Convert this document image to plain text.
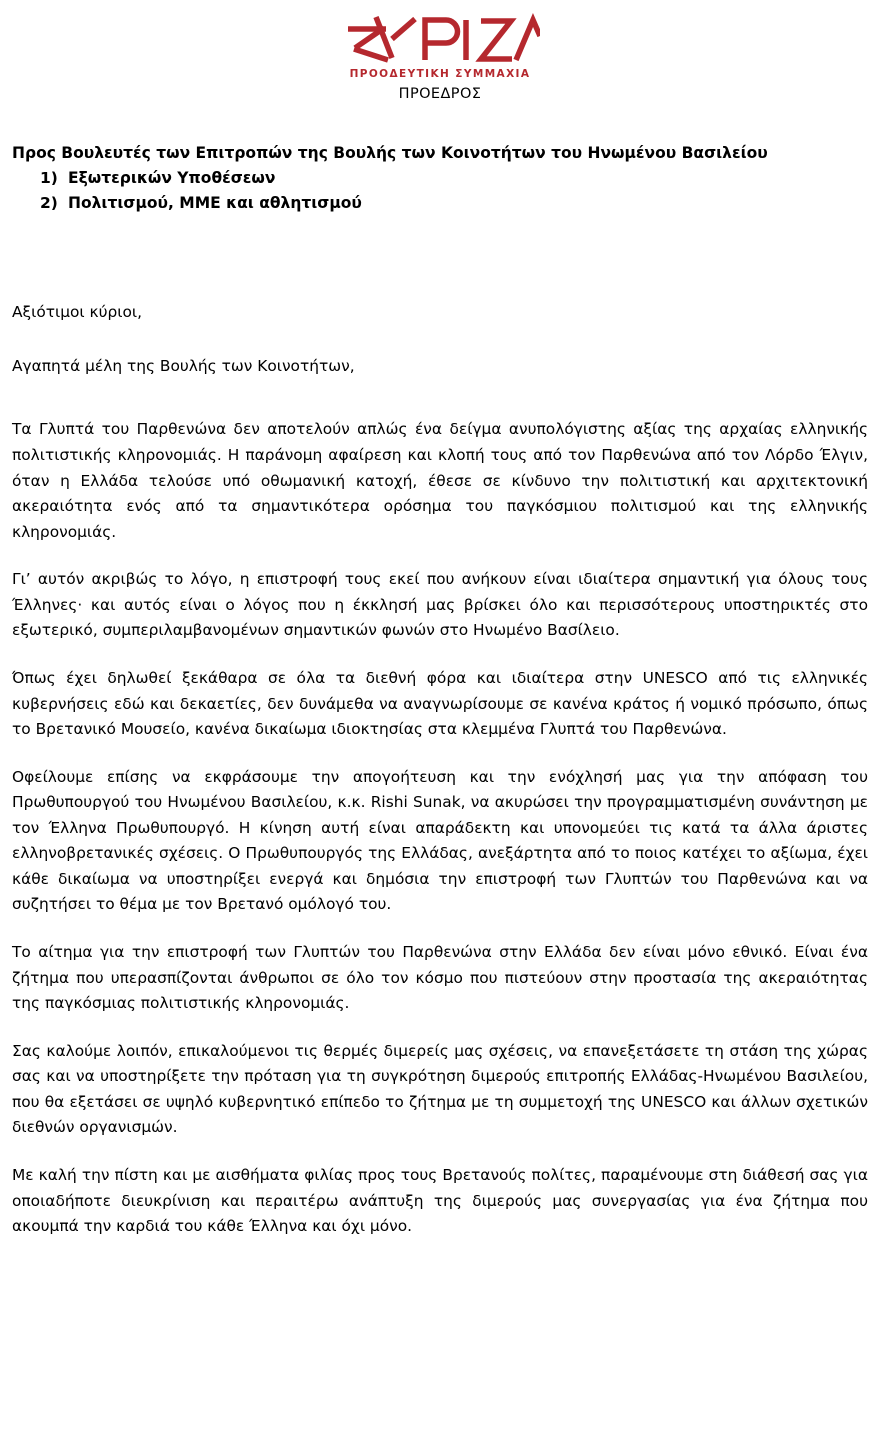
ΠΡΟΟΔΕΥΤΙΚΗ ΣΥΜΜΑΧΙΑ
ΠΡΟΕΔΡΟΣ
Προς Βουλευτές των Επιτροπών της Βουλής των Κοινοτήτων του Ηνωμένου Βασιλείου
1) Εξωτερικών Υποθέσεων
2) Πολιτισμού, ΜΜΕ και αθλητισμού

Αξιότιμοι κύριοι,

Αγαπητά μέλη της Βουλής των Κοινοτήτων,

Τα Γλυπτά του Παρθενώνα δεν αποτελούν απλώς ένα δείγμα ανυπολόγιστης αξίας της αρχαίας ελληνικής πολιτιστικής κληρονομιάς. Η παράνομη αφαίρεση και κλοπή τους από τον Παρθενώνα από τον Λόρδο Έλγιν, όταν η Ελλάδα τελούσε υπό οθωμανική κατοχή, έθεσε σε κίνδυνο την πολιτιστική και αρχιτεκτονική ακεραιότητα ενός από τα σημαντικότερα ορόσημα του παγκόσμιου πολιτισμού και της ελληνικής κληρονομιάς.

Γι’ αυτόν ακριβώς το λόγο, η επιστροφή τους εκεί που ανήκουν είναι ιδιαίτερα σημαντική για όλους τους Έλληνες· και αυτός είναι ο λόγος που η έκκλησή μας βρίσκει όλο και περισσότερους υποστηρικτές στο εξωτερικό, συμπεριλαμβανομένων σημαντικών φωνών στο Ηνωμένο Βασίλειο.

Όπως έχει δηλωθεί ξεκάθαρα σε όλα τα διεθνή φόρα και ιδιαίτερα στην UNESCO από τις ελληνικές κυβερνήσεις εδώ και δεκαετίες, δεν δυνάμεθα να αναγνωρίσουμε σε κανένα κράτος ή νομικό πρόσωπο, όπως το Βρετανικό Μουσείο, κανένα δικαίωμα ιδιοκτησίας στα κλεμμένα Γλυπτά του Παρθενώνα.

Οφείλουμε επίσης να εκφράσουμε την απογοήτευση και την ενόχλησή μας για την απόφαση του Πρωθυπουργού του Ηνωμένου Βασιλείου, κ.κ. Rishi Sunak, να ακυρώσει την προγραμματισμένη συνάντηση με τον Έλληνα Πρωθυπουργό. Η κίνηση αυτή είναι απαράδεκτη και υπονομεύει τις κατά τα άλλα άριστες ελληνοβρετανικές σχέσεις. Ο Πρωθυπουργός της Ελλάδας, ανεξάρτητα από το ποιος κατέχει το αξίωμα, έχει κάθε δικαίωμα να υποστηρίξει ενεργά και δημόσια την επιστροφή των Γλυπτών του Παρθενώνα και να συζητήσει το θέμα με τον Βρετανό ομόλογό του.

Το αίτημα για την επιστροφή των Γλυπτών του Παρθενώνα στην Ελλάδα δεν είναι μόνο εθνικό. Είναι ένα ζήτημα που υπερασπίζονται άνθρωποι σε όλο τον κόσμο που πιστεύουν στην προστασία της ακεραιότητας της παγκόσμιας πολιτιστικής κληρονομιάς.

Σας καλούμε λοιπόν, επικαλούμενοι τις θερμές διμερείς μας σχέσεις, να επανεξετάσετε τη στάση της χώρας σας και να υποστηρίξετε την πρόταση για τη συγκρότηση διμερούς επιτροπής Ελλάδας-Ηνωμένου Βασιλείου, που θα εξετάσει σε υψηλό κυβερνητικό επίπεδο το ζήτημα με τη συμμετοχή της UNESCO και άλλων σχετικών διεθνών οργανισμών.

Με καλή την πίστη και με αισθήματα φιλίας προς τους Βρετανούς πολίτες, παραμένουμε στη διάθεσή σας για οποιαδήποτε διευκρίνιση και περαιτέρω ανάπτυξη της διμερούς μας συνεργασίας για ένα ζήτημα που ακουμπά την καρδιά του κάθε Έλληνα και όχι μόνο.
